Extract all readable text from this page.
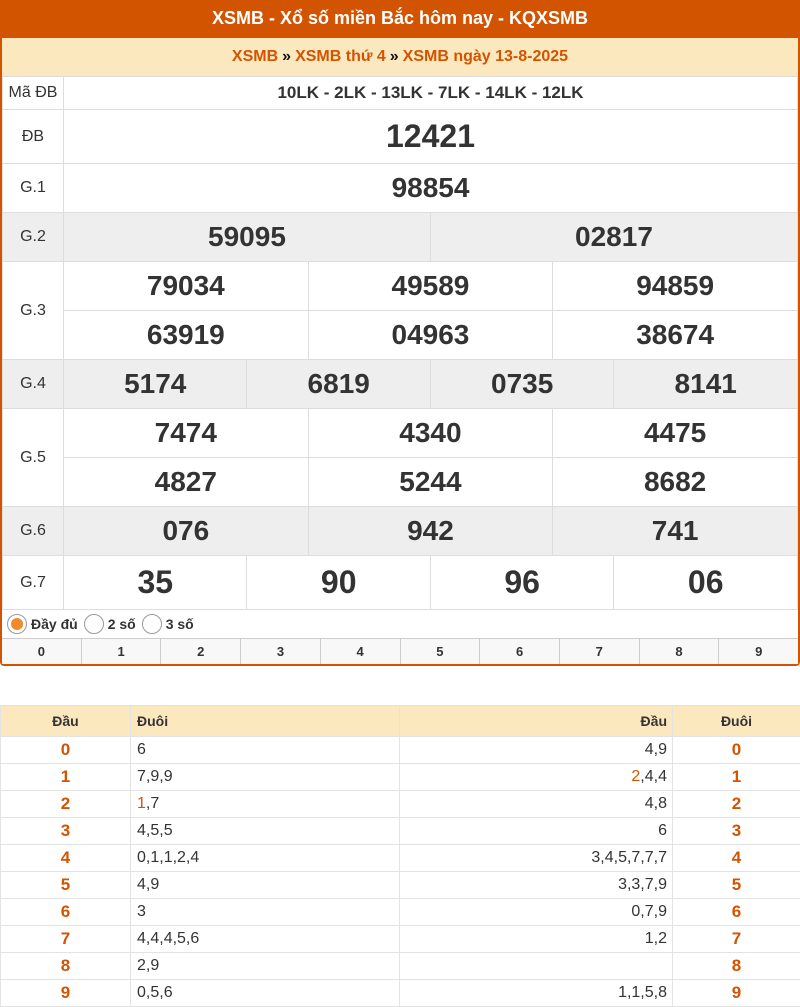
XSMB - Xổ số miền Bắc hôm nay - KQXSMB
XSMB » XSMB thứ 4 » XSMB ngày 13-8-2025
Mã ĐB	10LK - 2LK - 13LK - 7LK - 14LK - 12LK					
ĐB	12421					
G.1	98854					
G.2	59095			02817		
G.3	79034		49589		94859	
	63919		04963		38674	
G.4	5174	6819		0735		8141
G.5	7474		4340		4475	
	4827		5244		8682	
G.6	076		942		741	
G.7	35	90		96		06
Đầy đủ 2 số 3 số
0	1	2	3	4	5	6	7	8	9
Đầu	Đuôi	Đầu	Đuôi
0	6	4,9	0
1	7,9,9	2,4,4	1
2	1,7	4,8	2
3	4,5,5	6	3
4	0,1,1,2,4	3,4,5,7,7,7	4
5	4,9	3,3,7,9	5
6	3	0,7,9	6
7	4,4,4,5,6	1,2	7
8	2,9		8
9	0,5,6	1,1,5,8	9
